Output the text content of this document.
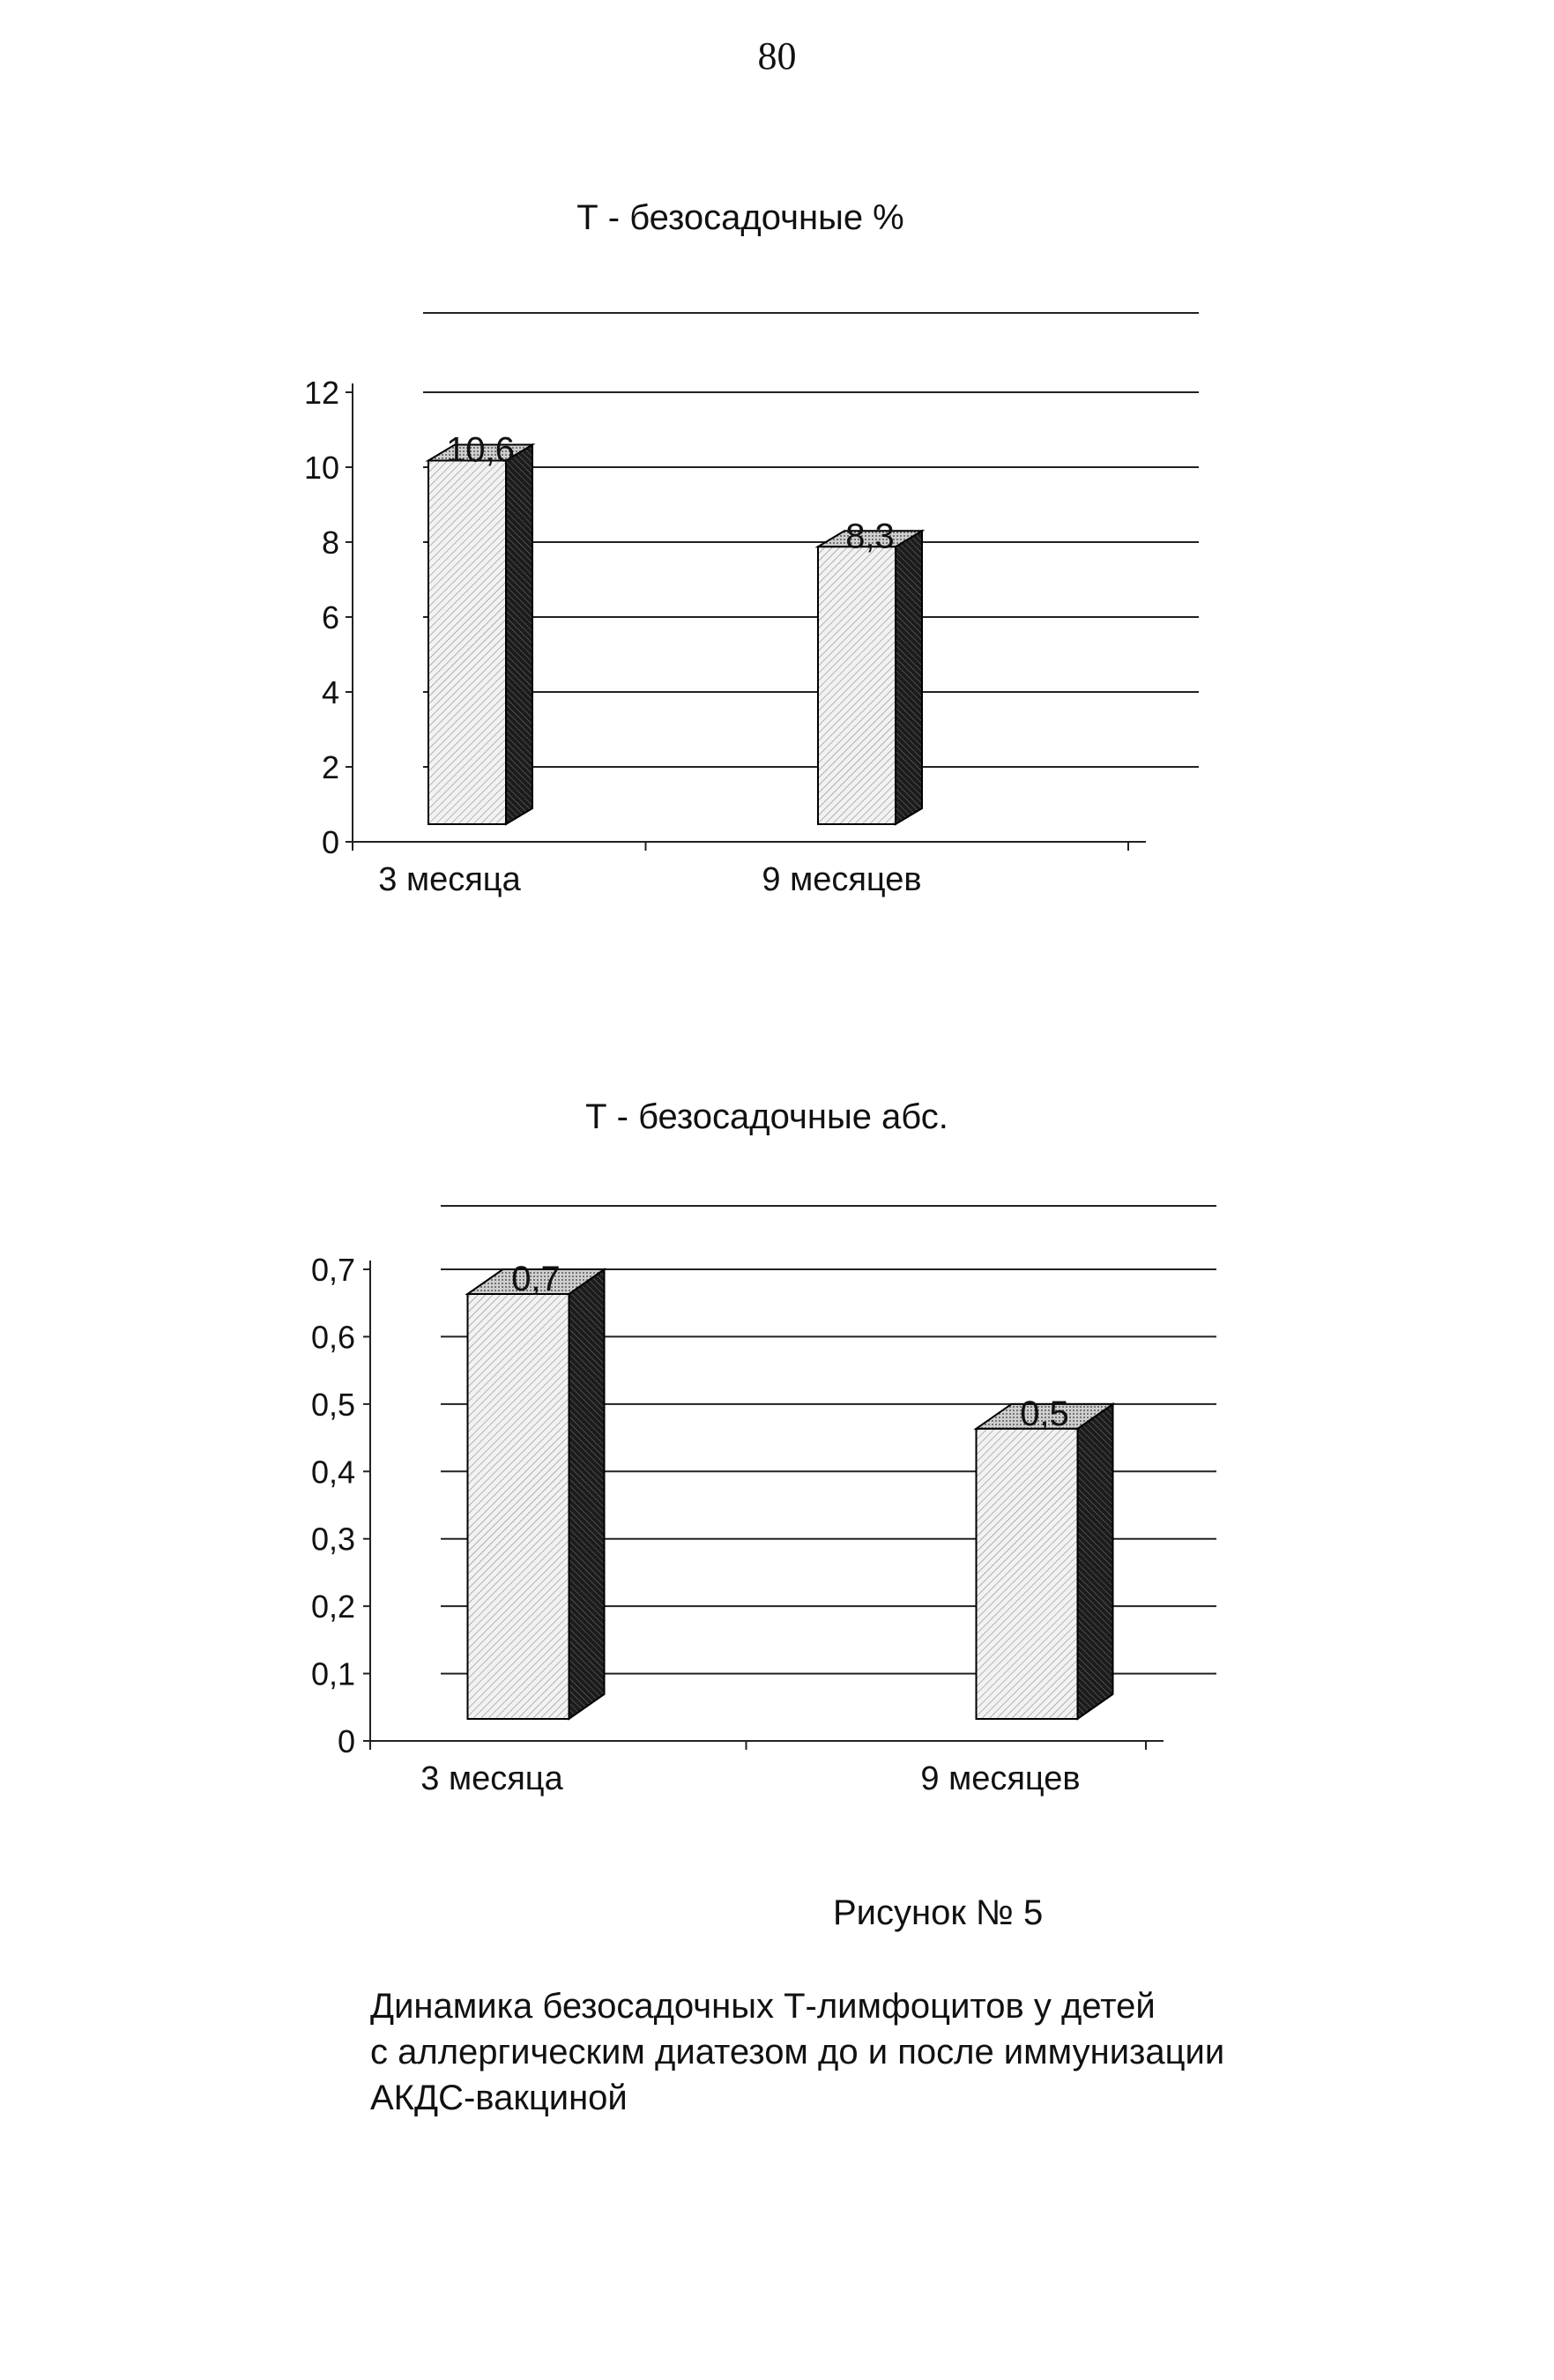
80
Т - безосадочные %
0
2
4
6
8
10
12
10,6
8,3
3 месяца	9 месяцев
Т - безосадочные абс.
0
0,1
0,2
0,3
0,4
0,5
0,6
0,7	0,7
0,5
3 месяца	9 месяцев
Рисунок № 5
Динамика безосадочных Т-лимфоцитов у детей
с аллергическим диатезом до и после иммунизации
АКДС-вакциной
